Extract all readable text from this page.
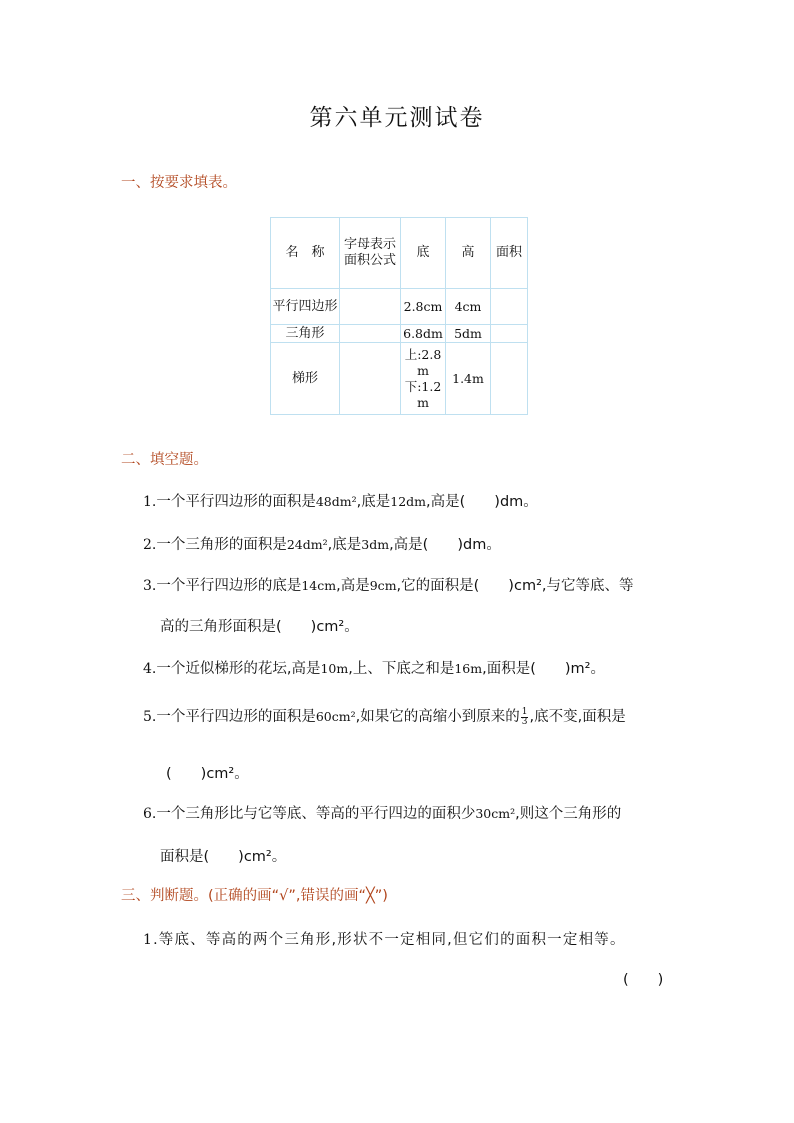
第六单元测试卷
一、按要求填表。
名　称	字母表示面积公式	底	高	面积
平行四边形		2.8cm	4cm	
三角形		6.8dm	5dm	
梯形		上:2.8m
下:1.2m	1.4m	
二、填空题。
1.一个平行四边形的面积是48dm²,底是12dm,高是(　　)dm。
2.一个三角形的面积是24dm²,底是3dm,高是(　　)dm。
3.一个平行四边形的底是14cm,高是9cm,它的面积是(　　)cm²,与它等底、等
高的三角形面积是(　　)cm²。
4.一个近似梯形的花坛,高是10m,上、下底之和是16m,面积是(　　)m²。
5.一个平行四边形的面积是60cm²,如果它的高缩小到原来的 $\frac{1}{3}$ ,底不变,面积是
(　　)cm²。
6.一个三角形比与它等底、等高的平行四边的面积少30cm²,则这个三角形的
面积是(　　)cm²。
三、判断题。(正确的画“√”,错误的画“╳”)
1.等底、等高的两个三角形,形状不一定相同,但它们的面积一定相等。
(　　)
